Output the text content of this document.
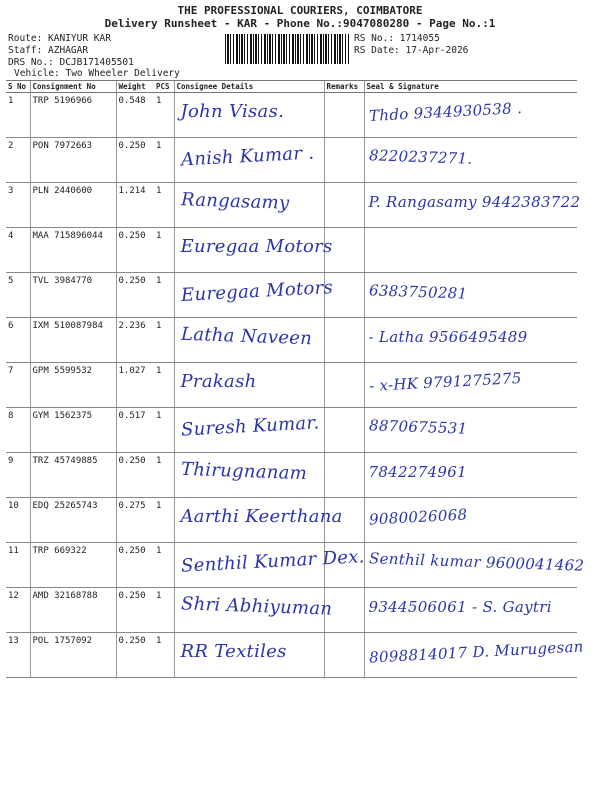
THE PROFESSIONAL COURIERS, COIMBATORE
Delivery Runsheet - KAR - Phone No.:9047080280 - Page No.:1
Route: KANIYUR KAR
Staff: AZHAGAR
DRS No.: DCJB171405501
Vehicle: Two Wheeler Delivery
RS No.: 1714055
RS Date: 17-Apr-2026
S No	Consignment No	Weight	PCS	Consignee Details	Remarks	Seal & Signature
1	TRP 5196966	0.548	1	John Visas.		Thdo 9344930538 .

2	PON 7972663	0.250	1	Anish Kumar .		8220237271.

3	PLN 2440600	1.214	1	Rangasamy		P. Rangasamy 9442383722

4	MAA 715896044	0.250	1	Euregaa Motors		

5	TVL 3984770	0.250	1	Euregaa Motors		6383750281

6	IXM 510087984	2.236	1	Latha Naveen		- Latha 9566495489

7	GPM 5599532	1.027	1	Prakash		- x-HK 9791275275

8	GYM 1562375	0.517	1	Suresh Kumar.		8870675531

9	TRZ 45749885	0.250	1	Thirugnanam		7842274961

10	EDQ 25265743	0.275	1	Aarthi Keerthana		9080026068

11	TRP 669322	0.250	1	Senthil Kumar Dex.		Senthil kumar 9600041462

12	AMD 32168788	0.250	1	Shri Abhiyuman		9344506061 - S. Gaytri

13	POL 1757092	0.250	1	RR Textiles		8098814017 D. Murugesan
